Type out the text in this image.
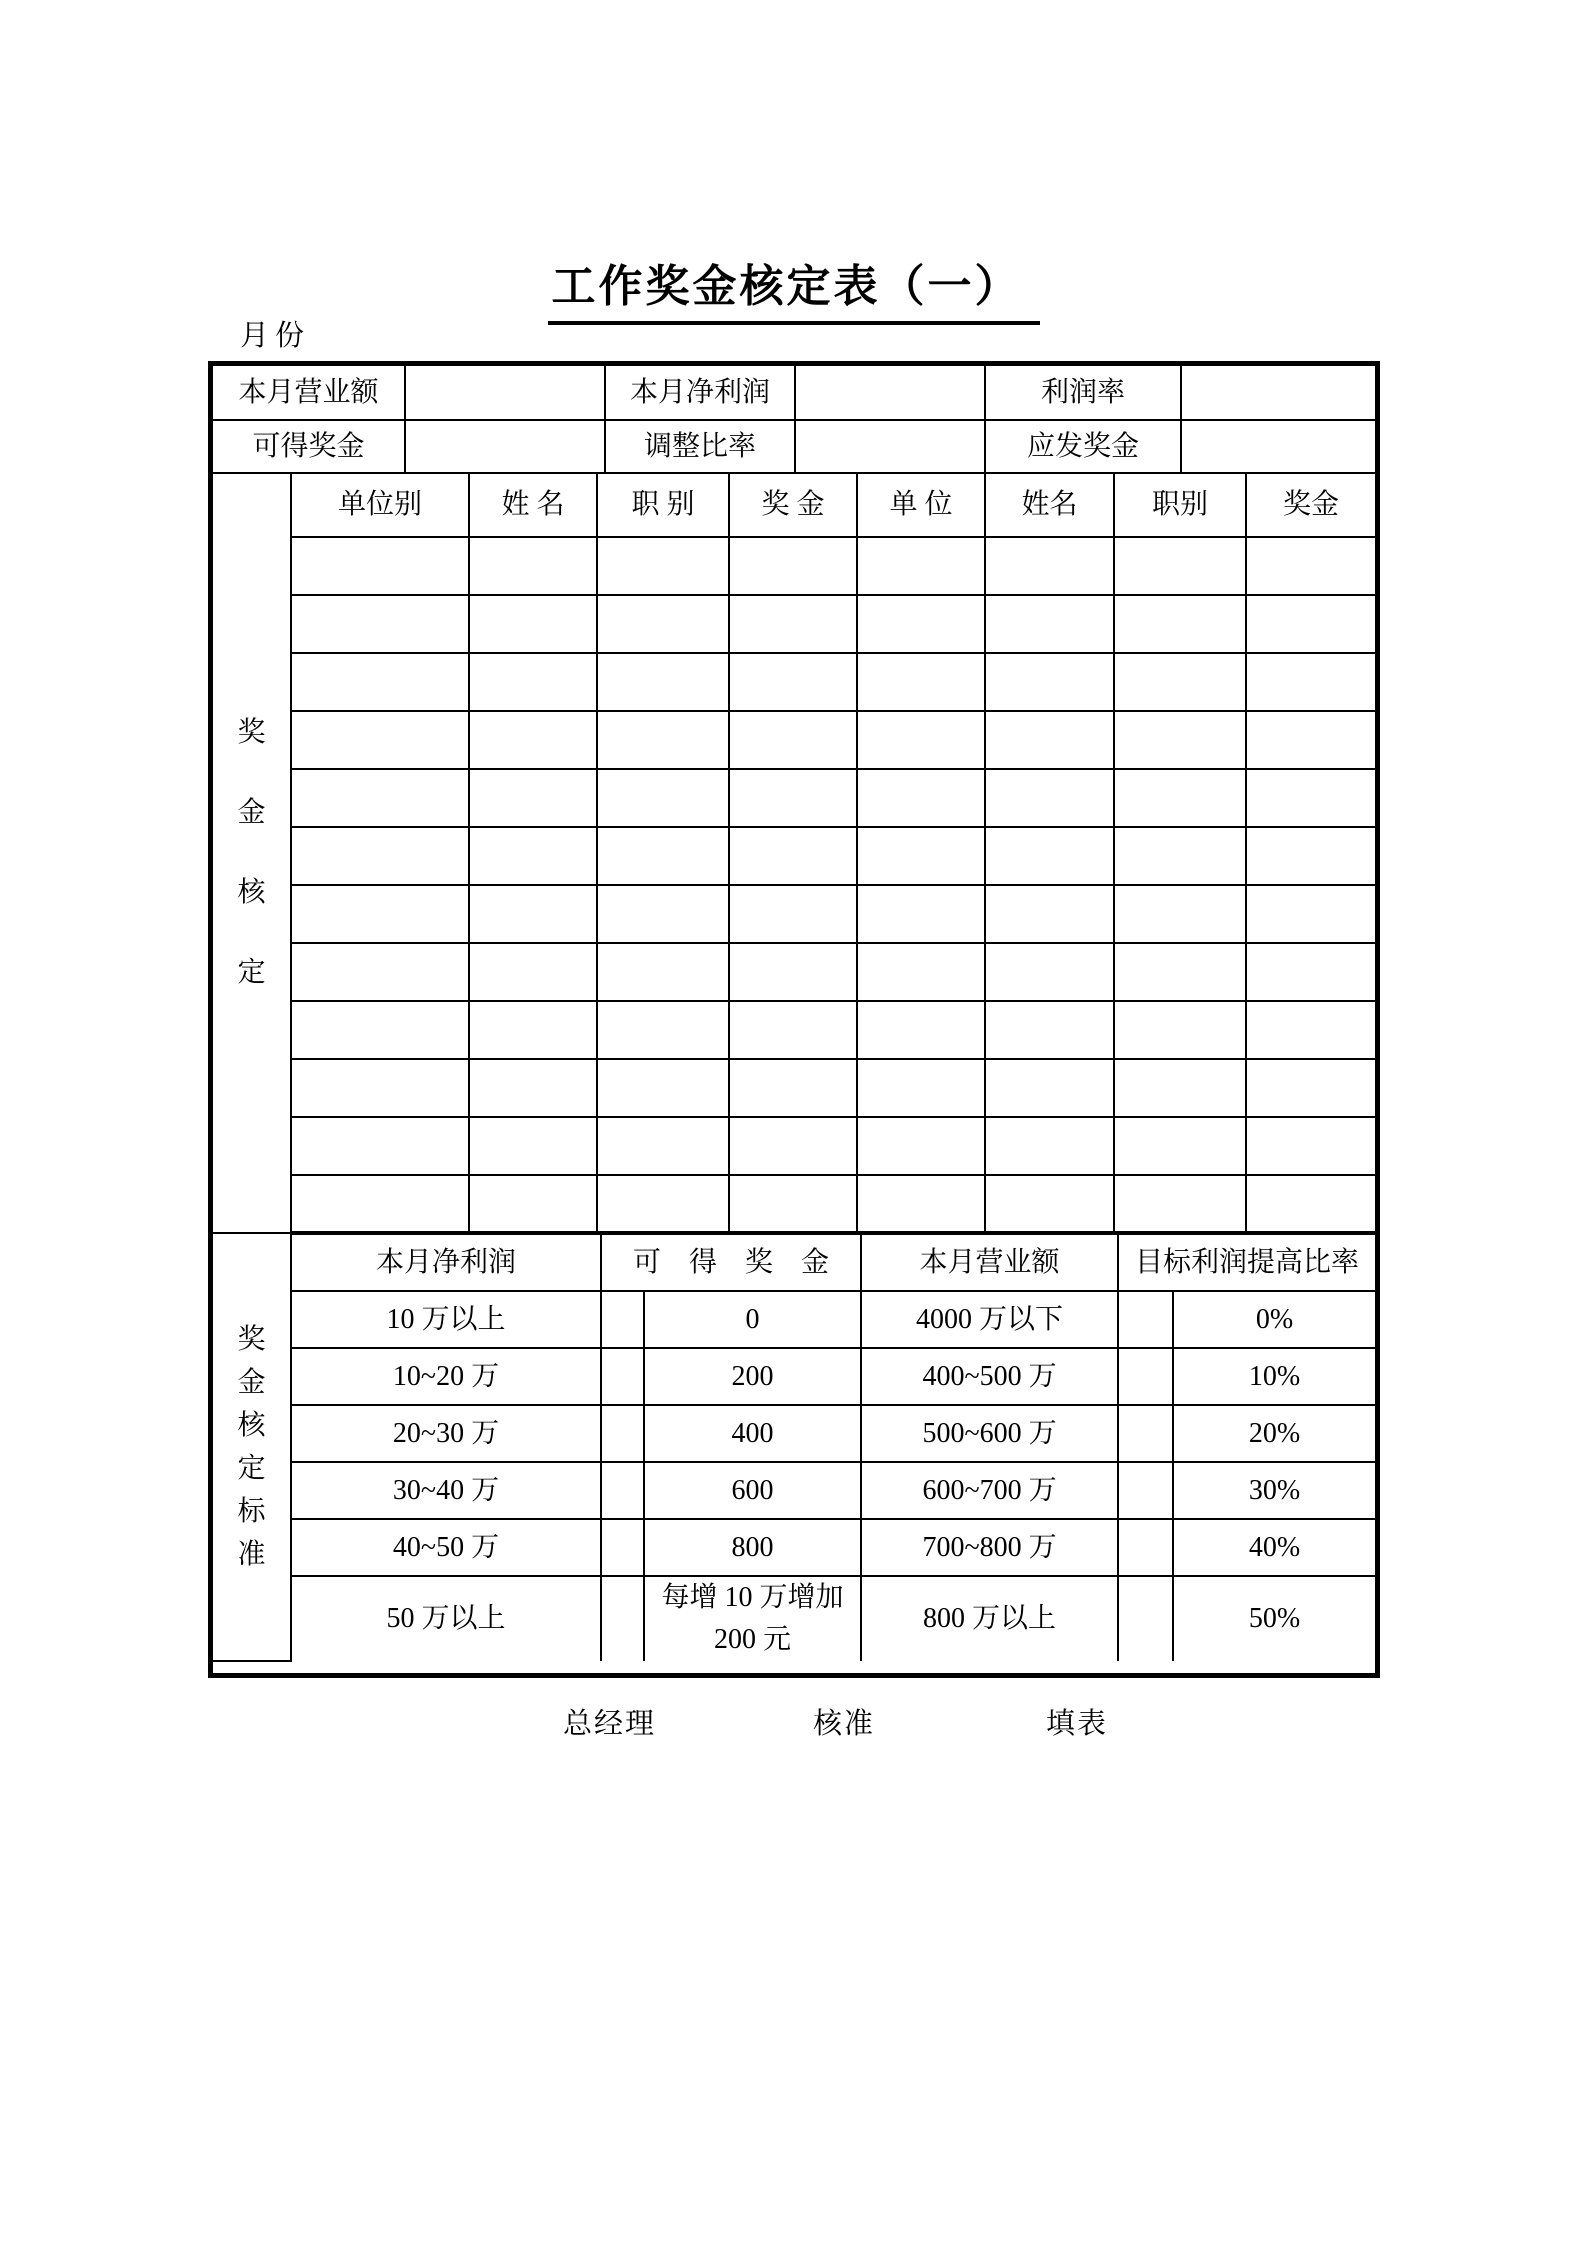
工作奖金核定表（一）
月份
本月营业额		本月净利润		利润率	
可得奖金		调整比率		应发奖金	
奖
金
核
定	单位别	姓 名	职 别	奖 金	单 位	姓名	职别	奖金

奖
金
核
定
标
准
	本月净利润	可　得　奖　金	本月营业额	目标利润提高比率
	10 万以上		0	4000 万以下		0%
	10~20 万		200	400~500 万		10%
	20~30 万		400	500~600 万		20%
	30~40 万		600	600~700 万		30%
	40~50 万		800	700~800 万		40%
	50 万以上		每增 10 万增加 200 元	800 万以上		50%
总经理	核准	填表
